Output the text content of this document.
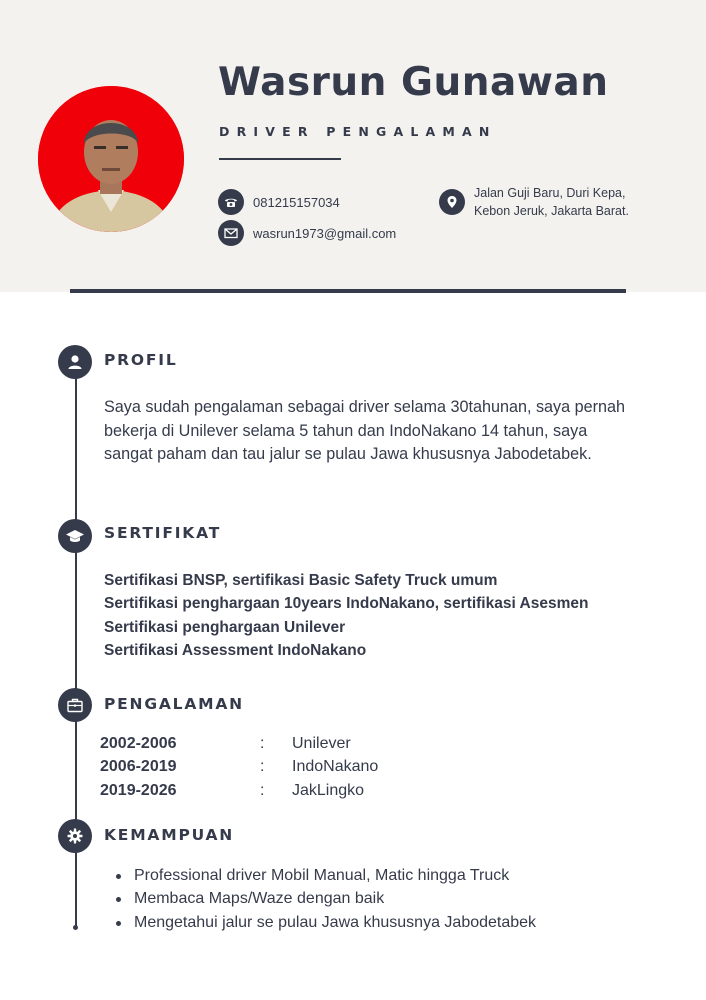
Wasrun Gunawan
DRIVER PENGALAMAN
081215157034
wasrun1973@gmail.com
Jalan Guji Baru, Duri Kepa,
Kebon Jeruk, Jakarta Barat.
PROFIL
Saya sudah pengalaman sebagai driver selama 30tahunan, saya pernah
bekerja di Unilever selama 5 tahun dan IndoNakano 14 tahun, saya
sangat paham dan tau jalur se pulau Jawa khususnya Jabodetabek.
SERTIFIKAT
Sertifikasi BNSP, sertifikasi Basic Safety Truck umum
Sertifikasi penghargaan 10years IndoNakano, sertifikasi Asesmen
Sertifikasi penghargaan Unilever
Sertifikasi Assessment IndoNakano
PENGALAMAN
2002-2006	:	Unilever
2006-2019	:	IndoNakano
2019-2026	:	JakLingko
KEMAMPUAN
Professional driver Mobil Manual, Matic hingga Truck
Membaca Maps/Waze dengan baik
Mengetahui jalur se pulau Jawa khususnya Jabodetabek
